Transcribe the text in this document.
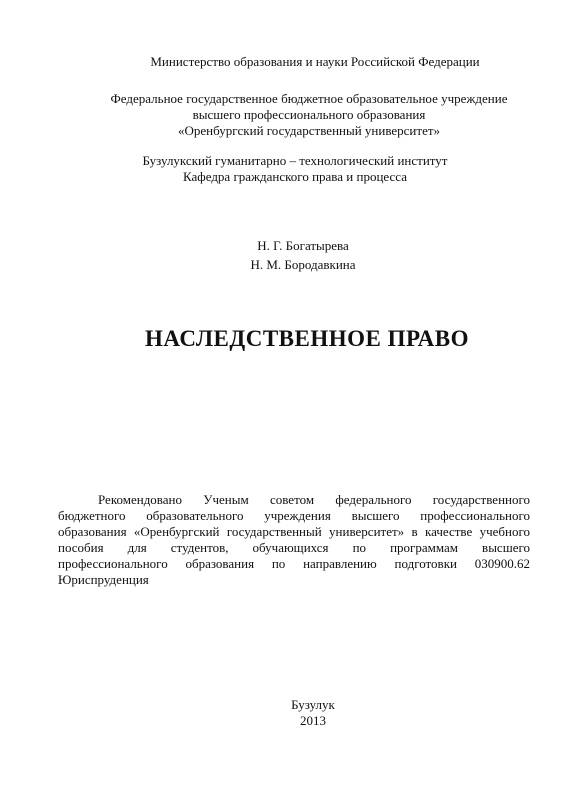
Министерство образования и науки Российской Федерации
Федеральное государственное бюджетное образовательное учреждение
высшего профессионального образования
«Оренбургский государственный университет»
Бузулукский гуманитарно – технологический институт
Кафедра гражданского права и процесса
Н. Г. Богатырева
Н. М. Бородавкина
НАСЛЕДСТВЕННОЕ ПРАВО
Рекомендовано Ученым советом федерального государственного
бюджетного образовательного учреждения высшего профессионального
образования «Оренбургский государственный университет» в качестве учебного
пособия для студентов, обучающихся по программам высшего
профессионального образования по направлению подготовки 030900.62
Юриспруденция
Бузулук
2013
